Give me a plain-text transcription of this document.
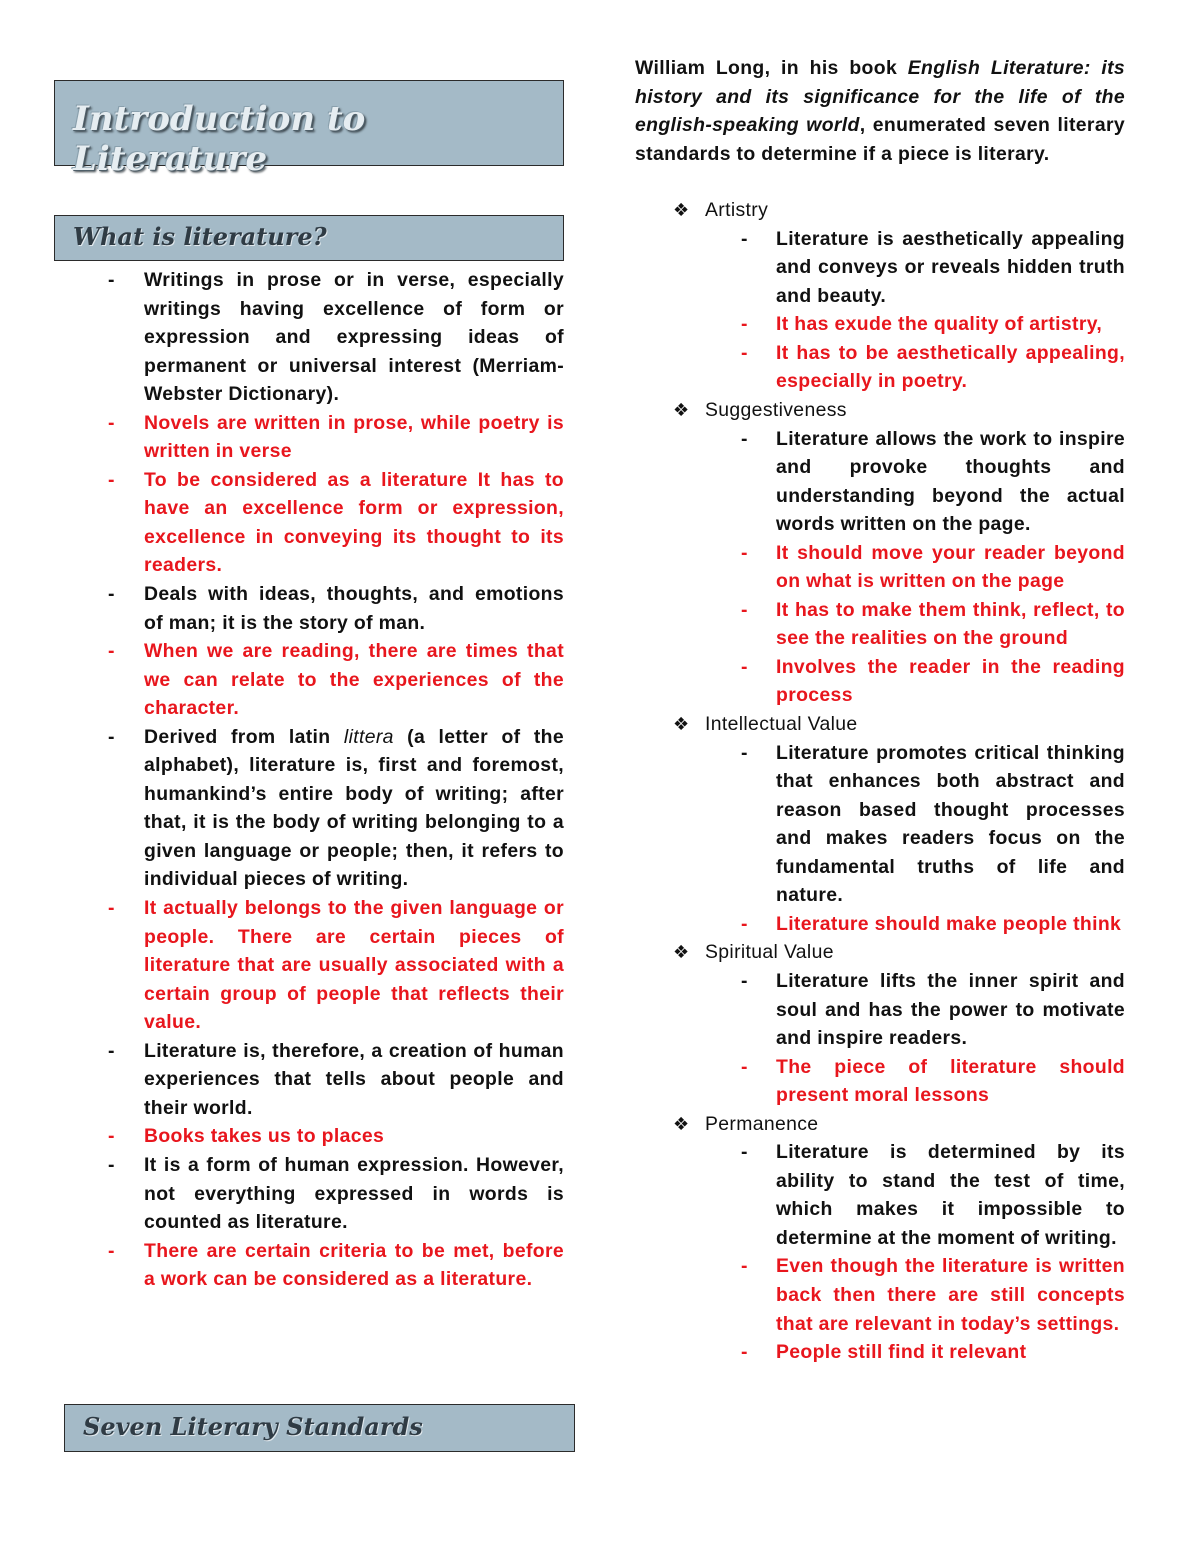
Introduction to Literature
What is literature?
- Writings in prose or in verse, especially writings having excellence of form or expression and expressing ideas of permanent or universal interest (Merriam-Webster Dictionary).
- Novels are written in prose, while poetry is written in verse
- To be considered as a literature It has to have an excellence form or expression, excellence in conveying its thought to its readers.
- Deals with ideas, thoughts, and emotions of man; it is the story of man.
- When we are reading, there are times that we can relate to the experiences of the character.
- Derived from latin littera (a letter of the alphabet), literature is, first and foremost, humankind’s entire body of writing; after that, it is the body of writing belonging to a given language or people; then, it refers to individual pieces of writing.
- It actually belongs to the given language or people. There are certain pieces of literature that are usually associated with a certain group of people that reflects their value.
- Literature is, therefore, a creation of human experiences that tells about people and their world.
- Books takes us to places
- It is a form of human expression. However, not everything expressed in words is counted as literature.
- There are certain criteria to be met, before a work can be considered as a literature.
Seven Literary Standards
William Long, in his book English Literature: its history and its significance for the life of the english-speaking world, enumerated seven literary standards to determine if a piece is literary.
❖ Artistry
- Literature is aesthetically appealing and conveys or reveals hidden truth and beauty.
- It has exude the quality of artistry,
- It has to be aesthetically appealing, especially in poetry.
❖ Suggestiveness
- Literature allows the work to inspire and provoke thoughts and understanding beyond the actual words written on the page.
- It should move your reader beyond on what is written on the page
- It has to make them think, reflect, to see the realities on the ground
- Involves the reader in the reading process
❖ Intellectual Value
- Literature promotes critical thinking that enhances both abstract and reason based thought processes and makes readers focus on the fundamental truths of life and nature.
- Literature should make people think
❖ Spiritual Value
- Literature lifts the inner spirit and soul and has the power to motivate and inspire readers.
- The piece of literature should present moral lessons
❖ Permanence
- Literature is determined by its ability to stand the test of time, which makes it impossible to determine at the moment of writing.
- Even though the literature is written back then there are still concepts that are relevant in today’s settings.
- People still find it relevant
